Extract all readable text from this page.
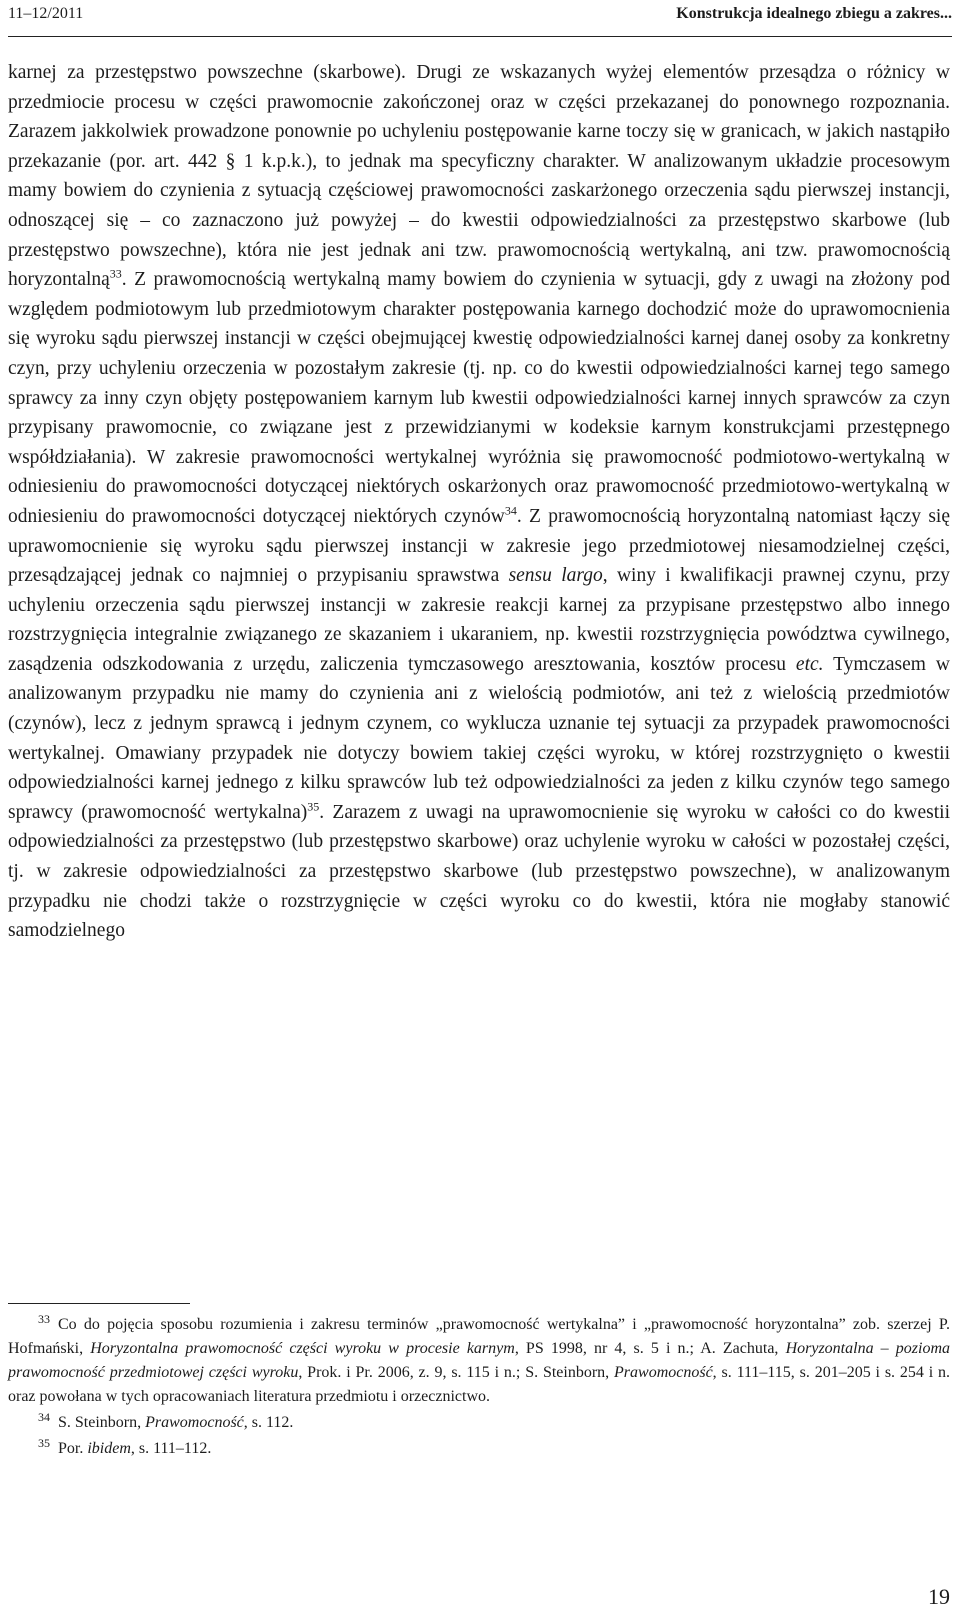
11–12/2011	Konstrukcja idealnego zbiegu a zakres...

karnej za przestępstwo powszechne (skarbowe). Drugi ze wskazanych wyżej elementów przesądza o różnicy w przedmiocie procesu w części prawomocnie zakończonej oraz w części przekazanej do ponownego rozpoznania. Zarazem jakkolwiek prowadzone ponownie po uchyleniu postępowanie karne toczy się w granicach, w jakich nastąpiło przekazanie (por. art. 442 § 1 k.p.k.), to jednak ma specyficzny charakter. W analizowanym układzie procesowym mamy bowiem do czynienia z sytuacją częściowej prawomocności zaskarżonego orzeczenia sądu pierwszej instancji, odnoszącej się – co zaznaczono już powyżej – do kwestii odpowiedzialności za przestępstwo skarbowe (lub przestępstwo powszechne), która nie jest jednak ani tzw. prawomocnością wertykalną, ani tzw. prawomocnością horyzontalną$^{33}$. Z prawomocnością wertykalną mamy bowiem do czynienia w sytuacji, gdy z uwagi na złożony pod względem podmiotowym lub przedmiotowym charakter postępowania karnego dochodzić może do uprawomocnienia się wyroku sądu pierwszej instancji w części obejmującej kwestię odpowiedzialności karnej danej osoby za konkretny czyn, przy uchyleniu orzeczenia w pozostałym zakresie (tj. np. co do kwestii odpowiedzialności karnej tego samego sprawcy za inny czyn objęty postępowaniem karnym lub kwestii odpowiedzialności karnej innych sprawców za czyn przypisany prawomocnie, co związane jest z przewidzianymi w kodeksie karnym konstrukcjami przestępnego współdziałania). W zakresie prawomocności wertykalnej wyróżnia się prawomocność podmiotowo-wertykalną w odniesieniu do prawomocności dotyczącej niektórych oskarżonych oraz prawomocność przedmiotowo-wertykalną w odniesieniu do prawomocności dotyczącej niektórych czynów$^{34}$. Z prawomocnością horyzontalną natomiast łączy się uprawomocnienie się wyroku sądu pierwszej instancji w zakresie jego przedmiotowej niesamodzielnej części, przesądzającej jednak co najmniej o przypisaniu sprawstwa sensu largo, winy i kwalifikacji prawnej czynu, przy uchyleniu orzeczenia sądu pierwszej instancji w zakresie reakcji karnej za przypisane przestępstwo albo innego rozstrzygnięcia integralnie związanego ze skazaniem i ukaraniem, np. kwestii rozstrzygnięcia powództwa cywilnego, zasądzenia odszkodowania z urzędu, zaliczenia tymczasowego aresztowania, kosztów procesu etc. Tymczasem w analizowanym przypadku nie mamy do czynienia ani z wielością podmiotów, ani też z wielością przedmiotów (czynów), lecz z jednym sprawcą i jednym czynem, co wyklucza uznanie tej sytuacji za przypadek prawomocności wertykalnej. Omawiany przypadek nie dotyczy bowiem takiej części wyroku, w której rozstrzygnięto o kwestii odpowiedzialności karnej jednego z kilku sprawców lub też odpowiedzialności za jeden z kilku czynów tego samego sprawcy (prawomocność wertykalna)$^{35}$. Zarazem z uwagi na uprawomocnienie się wyroku w całości co do kwestii odpowiedzialności za przestępstwo (lub przestępstwo skarbowe) oraz uchylenie wyroku w całości w pozostałej części, tj. w zakresie odpowiedzialności za przestępstwo skarbowe (lub przestępstwo powszechne), w analizowanym przypadku nie chodzi także o rozstrzygnięcie w części wyroku co do kwestii, która nie mogłaby stanowić samodzielnego

$^{33}$ Co do pojęcia sposobu rozumienia i zakresu terminów „prawomocność wertykalna” i „prawomocność horyzontalna” zob. szerzej P. Hofmański, Horyzontalna prawomocność części wyroku w procesie karnym, PS 1998, nr 4, s. 5 i n.; A. Zachuta, Horyzontalna – pozioma prawomocność przedmiotowej części wyroku, Prok. i Pr. 2006, z. 9, s. 115 i n.; S. Steinborn, Prawomocność, s. 111–115, s. 201–205 i s. 254 i n. oraz powołana w tych opracowaniach literatura przedmiotu i orzecznictwo.

$^{34}$ S. Steinborn, Prawomocność, s. 112.

$^{35}$ Por. ibidem, s. 111–112.

19
